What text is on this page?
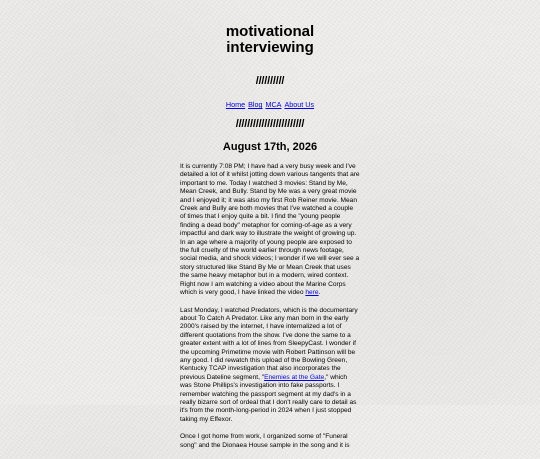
motivational interviewing
//////////
Home Blog MCA About Us
////////////////////////
August 17th, 2026

It is currently 7:08 PM; I have had a very busy week and I've detailed a lot of it whilst jotting down various tangents that are important to me. Today I watched 3 movies: Stand by Me, Mean Creek, and Bully. Stand by Me was a very great movie and I enjoyed it; it was also my first Rob Reiner movie. Mean Creek and Bully are both movies that I've watched a couple of times that I enjoy quite a bit. I find the "young people finding a dead body" metaphor for coming-of-age as a very impactful and dark way to illustrate the weight of growing up. In an age where a majority of young people are exposed to the full cruelty of the world earlier through news footage, social media, and shock videos; I wonder if we will ever see a story structured like Stand By Me or Mean Creek that uses the same heavy metaphor but in a modern, wired context. Right now I am watching a video about the Marine Corps which is very good, I have linked the video here.

Last Monday, I watched Predators, which is the documentary about To Catch A Predator. Like any man born in the early 2000's raised by the internet, I have internalized a lot of different quotations from the show. I've done the same to a greater extent with a lot of lines from SleepyCast. I wonder if the upcoming Primetime movie with Robert Pattinson will be any good. I did rewatch this upload of the Bowling Green, Kentucky TCAP investigation that also incorporates the previous Dateline segment, "Enemies at the Gate," which was Stone Phillips's investigation into fake passports. I remember watching the passport segment at my dad's in a really bizarre sort of ordeal that I don't really care to detail as it's from the month-long-period in 2024 when I just stopped taking my Effexor.

Once I got home from work, I organized some of "Funeral song" and the Dionaea House sample in the song and it is
